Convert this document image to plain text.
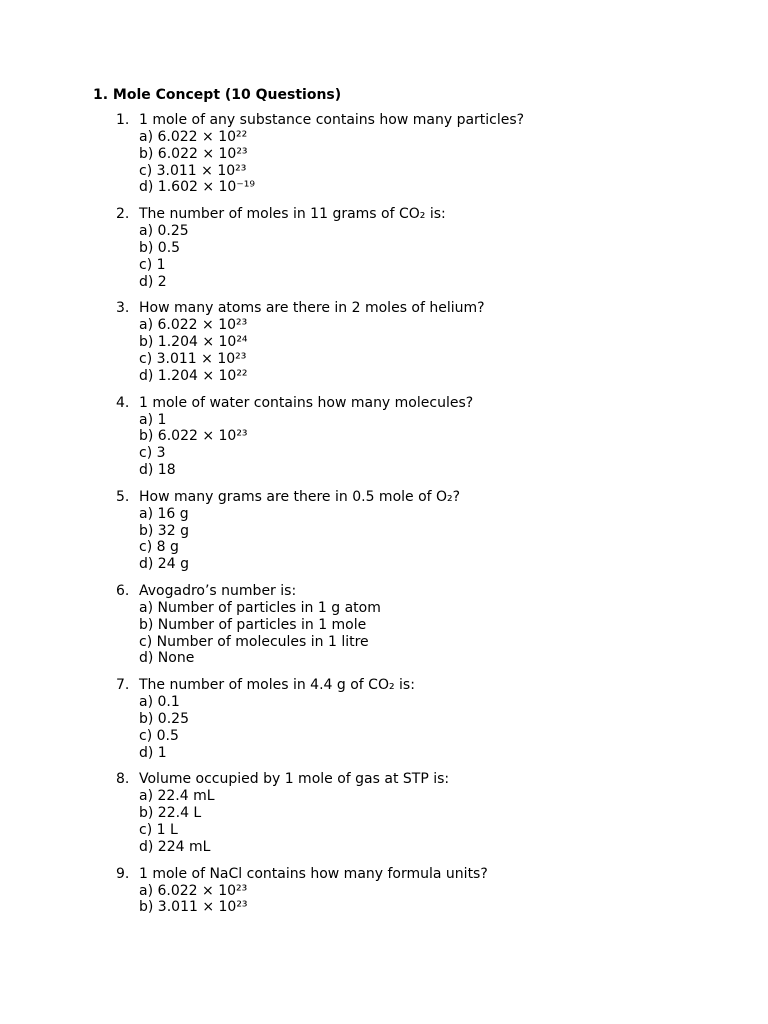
1. Mole Concept (10 Questions)
1. 1 mole of any substance contains how many particles?
a) 6.022 × 10²²
b) 6.022 × 10²³
c) 3.011 × 10²³
d) 1.602 × 10⁻¹⁹
2. The number of moles in 11 grams of CO₂ is:
a) 0.25
b) 0.5
c) 1
d) 2
3. How many atoms are there in 2 moles of helium?
a) 6.022 × 10²³
b) 1.204 × 10²⁴
c) 3.011 × 10²³
d) 1.204 × 10²²
4. 1 mole of water contains how many molecules?
a) 1
b) 6.022 × 10²³
c) 3
d) 18
5. How many grams are there in 0.5 mole of O₂?
a) 16 g
b) 32 g
c) 8 g
d) 24 g
6. Avogadro’s number is:
a) Number of particles in 1 g atom
b) Number of particles in 1 mole
c) Number of molecules in 1 litre
d) None
7. The number of moles in 4.4 g of CO₂ is:
a) 0.1
b) 0.25
c) 0.5
d) 1
8. Volume occupied by 1 mole of gas at STP is:
a) 22.4 mL
b) 22.4 L
c) 1 L
d) 224 mL
9. 1 mole of NaCl contains how many formula units?
a) 6.022 × 10²³
b) 3.011 × 10²³
